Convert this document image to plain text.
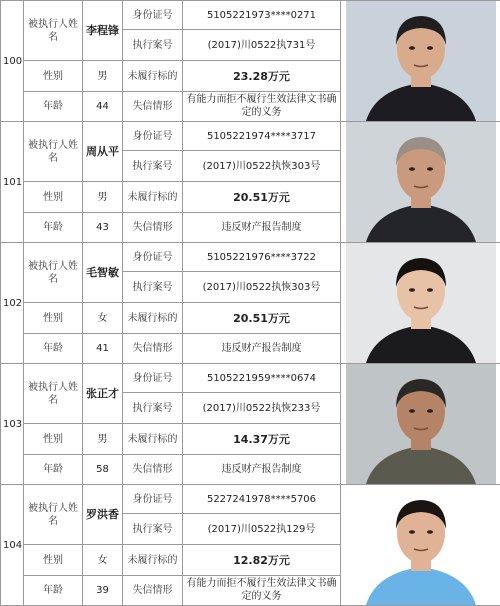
100	被执行人姓名	李程锋	身份证号	5105221973****0271	

			执行案号	(2017)川0522执731号	
	性别	男	未履行标的	23.28万元	
	年龄	44	失信情形	有能力而拒不履行生效法律文书确定的义务	
101	被执行人姓名	周从平	身份证号	5105221974****3717	

			执行案号	(2017)川0522执恢303号	
	性别	男	未履行标的	20.51万元	
	年龄	43	失信情形	违反财产报告制度	
102	被执行人姓名	毛智敏	身份证号	5105221976****3722	

			执行案号	(2017)川0522执恢303号	
	性别	女	未履行标的	20.51万元	
	年龄	41	失信情形	违反财产报告制度	
103	被执行人姓名	张正才	身份证号	5105221959****0674	

			执行案号	(2017)川0522执恢233号	
	性别	男	未履行标的	14.37万元	
	年龄	58	失信情形	违反财产报告制度	
104	被执行人姓名	罗洪香	身份证号	5227241978****5706	

			执行案号	(2017)川0522执129号	
	性别	女	未履行标的	12.82万元	
	年龄	39	失信情形	有能力而拒不履行生效法律文书确定的义务	
